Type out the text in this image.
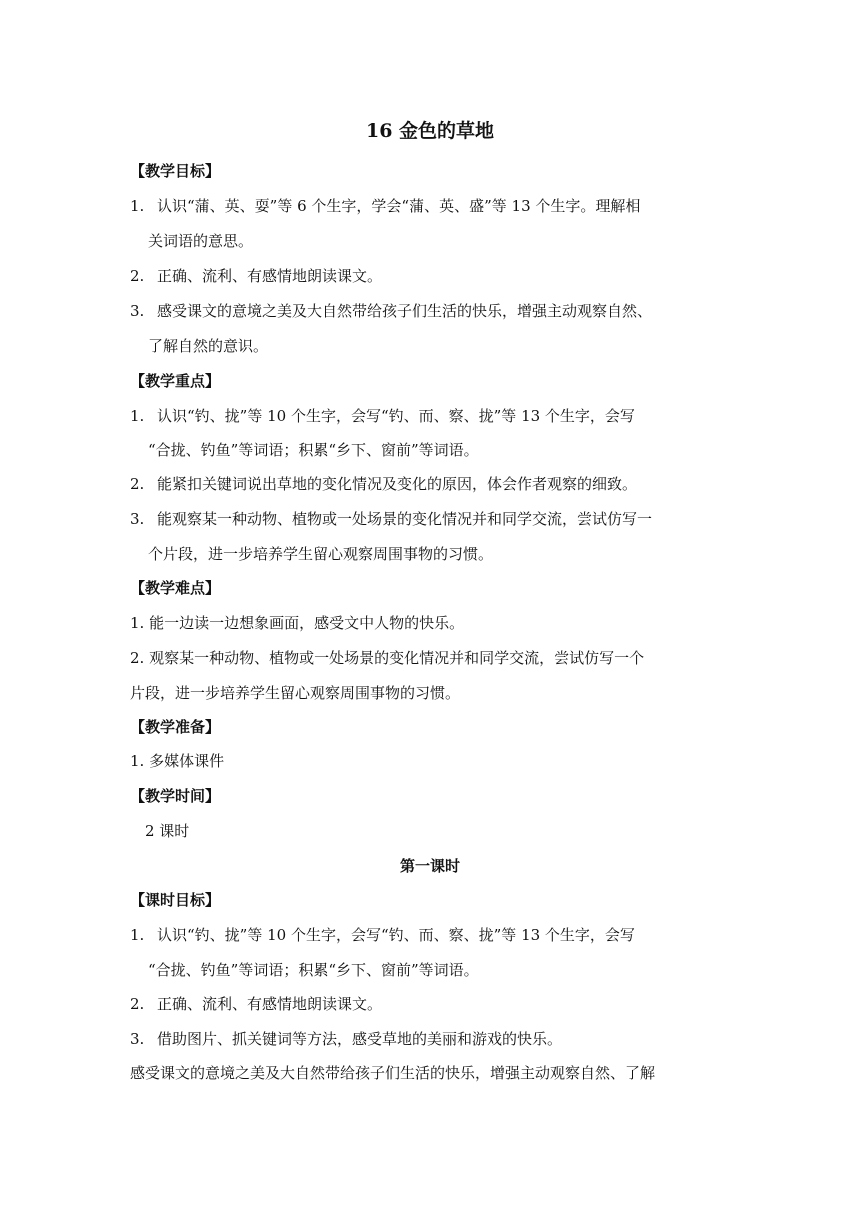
16 金色的草地
【教学目标】
1. 认识“蒲、英、耍”等 6 个生字，学会“蒲、英、盛”等 13 个生字。理解相
关词语的意思。
2. 正确、流利、有感情地朗读课文。
3. 感受课文的意境之美及大自然带给孩子们生活的快乐，增强主动观察自然、
了解自然的意识。
【教学重点】
1. 认识“钓、拢”等 10 个生字，会写“钓、而、察、拢”等 13 个生字，会写
“合拢、钓鱼”等词语；积累“乡下、窗前”等词语。
2. 能紧扣关键词说出草地的变化情况及变化的原因，体会作者观察的细致。
3. 能观察某一种动物、植物或一处场景的变化情况并和同学交流，尝试仿写一
个片段，进一步培养学生留心观察周围事物的习惯。
【教学难点】
1. 能一边读一边想象画面，感受文中人物的快乐。
2. 观察某一种动物、植物或一处场景的变化情况并和同学交流，尝试仿写一个
片段，进一步培养学生留心观察周围事物的习惯。
【教学准备】
1. 多媒体课件
【教学时间】
2 课时
第一课时
【课时目标】
1. 认识“钓、拢”等 10 个生字，会写“钓、而、察、拢”等 13 个生字，会写
“合拢、钓鱼”等词语；积累“乡下、窗前”等词语。
2. 正确、流利、有感情地朗读课文。
3. 借助图片、抓关键词等方法，感受草地的美丽和游戏的快乐。
感受课文的意境之美及大自然带给孩子们生活的快乐，增强主动观察自然、了解
